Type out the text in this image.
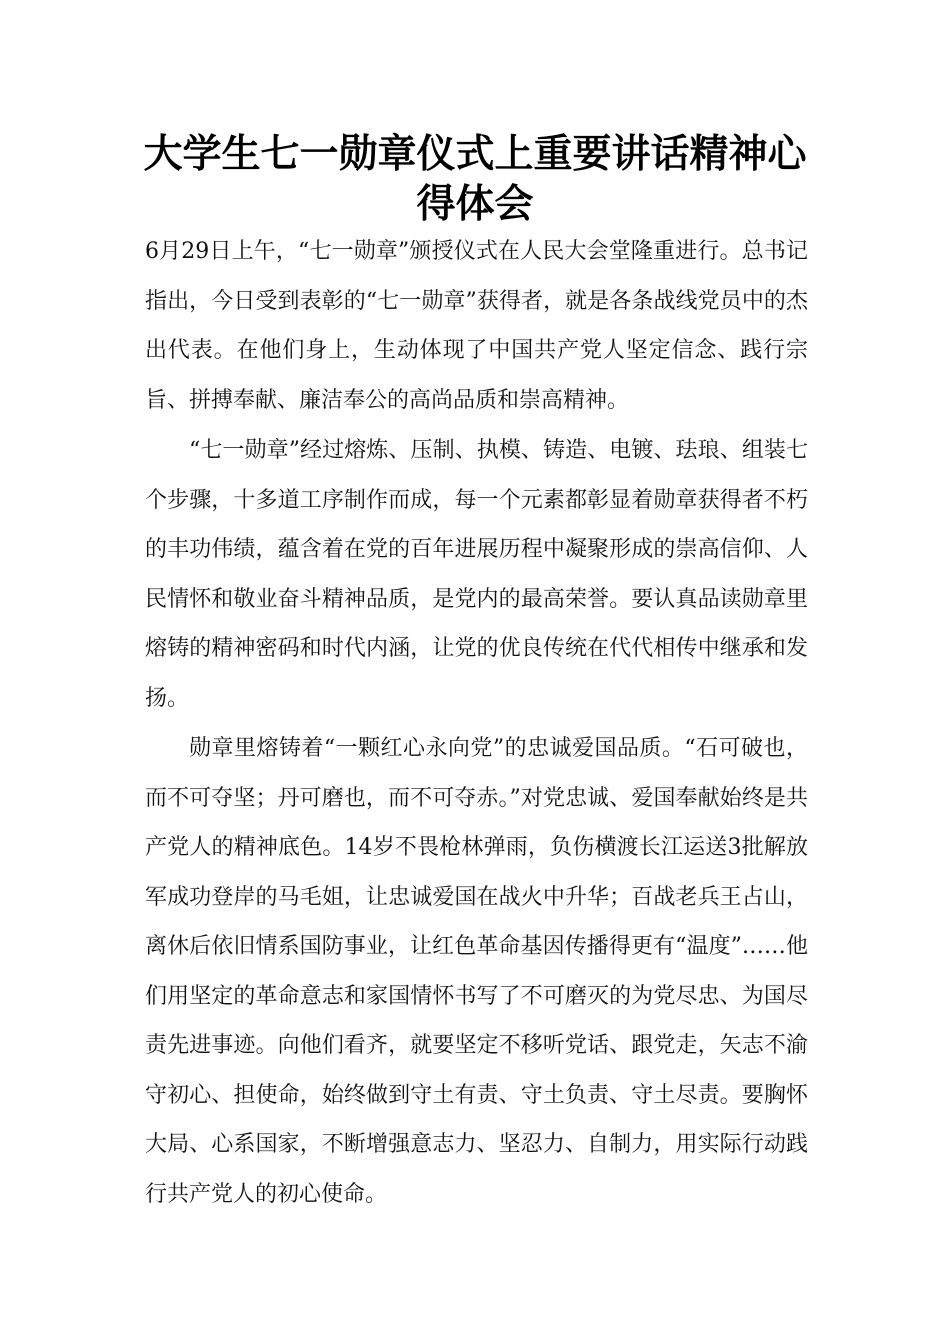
大学生七一勋章仪式上重要讲话精神心得体会

6月29日上午，“七一勋章”颁授仪式在人民大会堂隆重进行。总书记指出，今日受到表彰的“七一勋章”获得者，就是各条战线党员中的杰出代表。在他们身上，生动体现了中国共产党人坚定信念、践行宗旨、拼搏奉献、廉洁奉公的高尚品质和崇高精神。

“七一勋章”经过熔炼、压制、执模、铸造、电镀、珐琅、组装七个步骤，十多道工序制作而成，每一个元素都彰显着勋章获得者不朽的丰功伟绩，蕴含着在党的百年进展历程中凝聚形成的崇高信仰、人民情怀和敬业奋斗精神品质，是党内的最高荣誉。要认真品读勋章里熔铸的精神密码和时代内涵，让党的优良传统在代代相传中继承和发扬。

勋章里熔铸着“一颗红心永向党”的忠诚爱国品质。“石可破也，而不可夺坚；丹可磨也，而不可夺赤。”对党忠诚、爱国奉献始终是共产党人的精神底色。14岁不畏枪林弹雨，负伤横渡长江运送3批解放军成功登岸的马毛姐，让忠诚爱国在战火中升华；百战老兵王占山，离休后依旧情系国防事业，让红色革命基因传播得更有“温度”……他们用坚定的革命意志和家国情怀书写了不可磨灭的为党尽忠、为国尽责先进事迹。向他们看齐，就要坚定不移听党话、跟党走，矢志不渝守初心、担使命，始终做到守土有责、守土负责、守土尽责。要胸怀大局、心系国家，不断增强意志力、坚忍力、自制力，用实际行动践行共产党人的初心使命。
